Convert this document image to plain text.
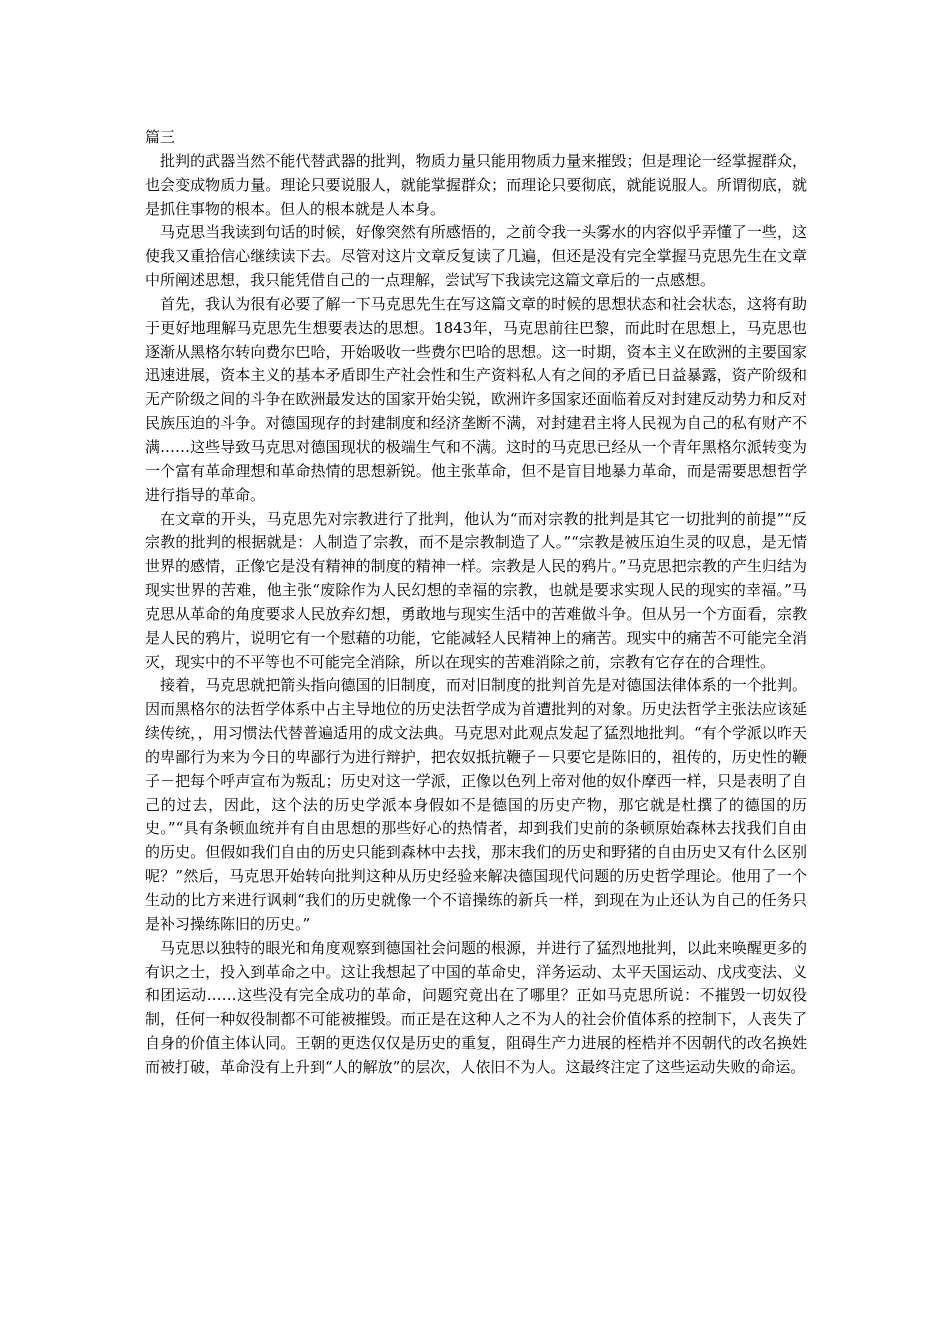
篇三

批判的武器当然不能代替武器的批判，物质力量只能用物质力量来摧毁；但是理论一经掌握群众，也会变成物质力量。理论只要说服人，就能掌握群众；而理论只要彻底，就能说服人。所谓彻底，就是抓住事物的根本。但人的根本就是人本身。

马克思当我读到句话的时候，好像突然有所感悟的，之前令我一头雾水的内容似乎弄懂了一些，这使我又重拾信心继续读下去。尽管对这片文章反复读了几遍，但还是没有完全掌握马克思先生在文章中所阐述思想，我只能凭借自己的一点理解，尝试写下我读完这篇文章后的一点感想。

首先，我认为很有必要了解一下马克思先生在写这篇文章的时候的思想状态和社会状态，这将有助于更好地理解马克思先生想要表达的思想。1843年，马克思前往巴黎，而此时在思想上，马克思也逐渐从黑格尔转向费尔巴哈，开始吸收一些费尔巴哈的思想。这一时期，资本主义在欧洲的主要国家迅速进展，资本主义的基本矛盾即生产社会性和生产资料私人有之间的矛盾已日益暴露，资产阶级和无产阶级之间的斗争在欧洲最发达的国家开始尖锐，欧洲许多国家还面临着反对封建反动势力和反对民族压迫的斗争。对德国现存的封建制度和经济垄断不满，对封建君主将人民视为自己的私有财产不满……这些导致马克思对德国现状的极端生气和不满。这时的马克思已经从一个青年黑格尔派转变为一个富有革命理想和革命热情的思想新锐。他主张革命，但不是盲目地暴力革命，而是需要思想哲学进行指导的革命。

在文章的开头，马克思先对宗教进行了批判，他认为“而对宗教的批判是其它一切批判的前提”“反宗教的批判的根据就是：人制造了宗教，而不是宗教制造了人。”“宗教是被压迫生灵的叹息，是无情世界的感情，正像它是没有精神的制度的精神一样。宗教是人民的鸦片。”马克思把宗教的产生归结为现实世界的苦难，他主张“废除作为人民幻想的幸福的宗教，也就是要求实现人民的现实的幸福。”马克思从革命的角度要求人民放弃幻想，勇敢地与现实生活中的苦难做斗争。但从另一个方面看，宗教是人民的鸦片，说明它有一个慰藉的功能，它能减轻人民精神上的痛苦。现实中的痛苦不可能完全消灭，现实中的不平等也不可能完全消除，所以在现实的苦难消除之前，宗教有它存在的合理性。

接着，马克思就把箭头指向德国的旧制度，而对旧制度的批判首先是对德国法律体系的一个批判。因而黑格尔的法哲学体系中占主导地位的历史法哲学成为首遭批判的对象。历史法哲学主张法应该延续传统，，用习惯法代替普遍适用的成文法典。马克思对此观点发起了猛烈地批判。“有个学派以昨天的卑鄙行为来为今日的卑鄙行为进行辩护，把农奴抵抗鞭子－只要它是陈旧的，祖传的，历史性的鞭子－把每个呼声宣布为叛乱；历史对这一学派，正像以色列上帝对他的奴仆摩西一样，只是表明了自己的过去，因此，这个法的历史学派本身假如不是德国的历史产物，那它就是杜撰了的德国的历史。”“具有条顿血统并有自由思想的那些好心的热情者，却到我们史前的条顿原始森林去找我们自由的历史。但假如我们自由的历史只能到森林中去找，那末我们的历史和野猪的自由历史又有什么区别呢？”然后，马克思开始转向批判这种从历史经验来解决德国现代问题的历史哲学理论。他用了一个生动的比方来进行讽刺“我们的历史就像一个不谙操练的新兵一样，到现在为止还认为自己的任务只是补习操练陈旧的历史。”

马克思以独特的眼光和角度观察到德国社会问题的根源，并进行了猛烈地批判，以此来唤醒更多的有识之士，投入到革命之中。这让我想起了中国的革命史，洋务运动、太平天国运动、戊戌变法、义和团运动……这些没有完全成功的革命，问题究竟出在了哪里？正如马克思所说：不摧毁一切奴役制，任何一种奴役制都不可能被摧毁。而正是在这种人之不为人的社会价值体系的控制下，人丧失了自身的价值主体认同。王朝的更迭仅仅是历史的重复，阻碍生产力进展的桎梏并不因朝代的改名换姓而被打破，革命没有上升到“人的解放”的层次，人依旧不为人。这最终注定了这些运动失败的命运。
